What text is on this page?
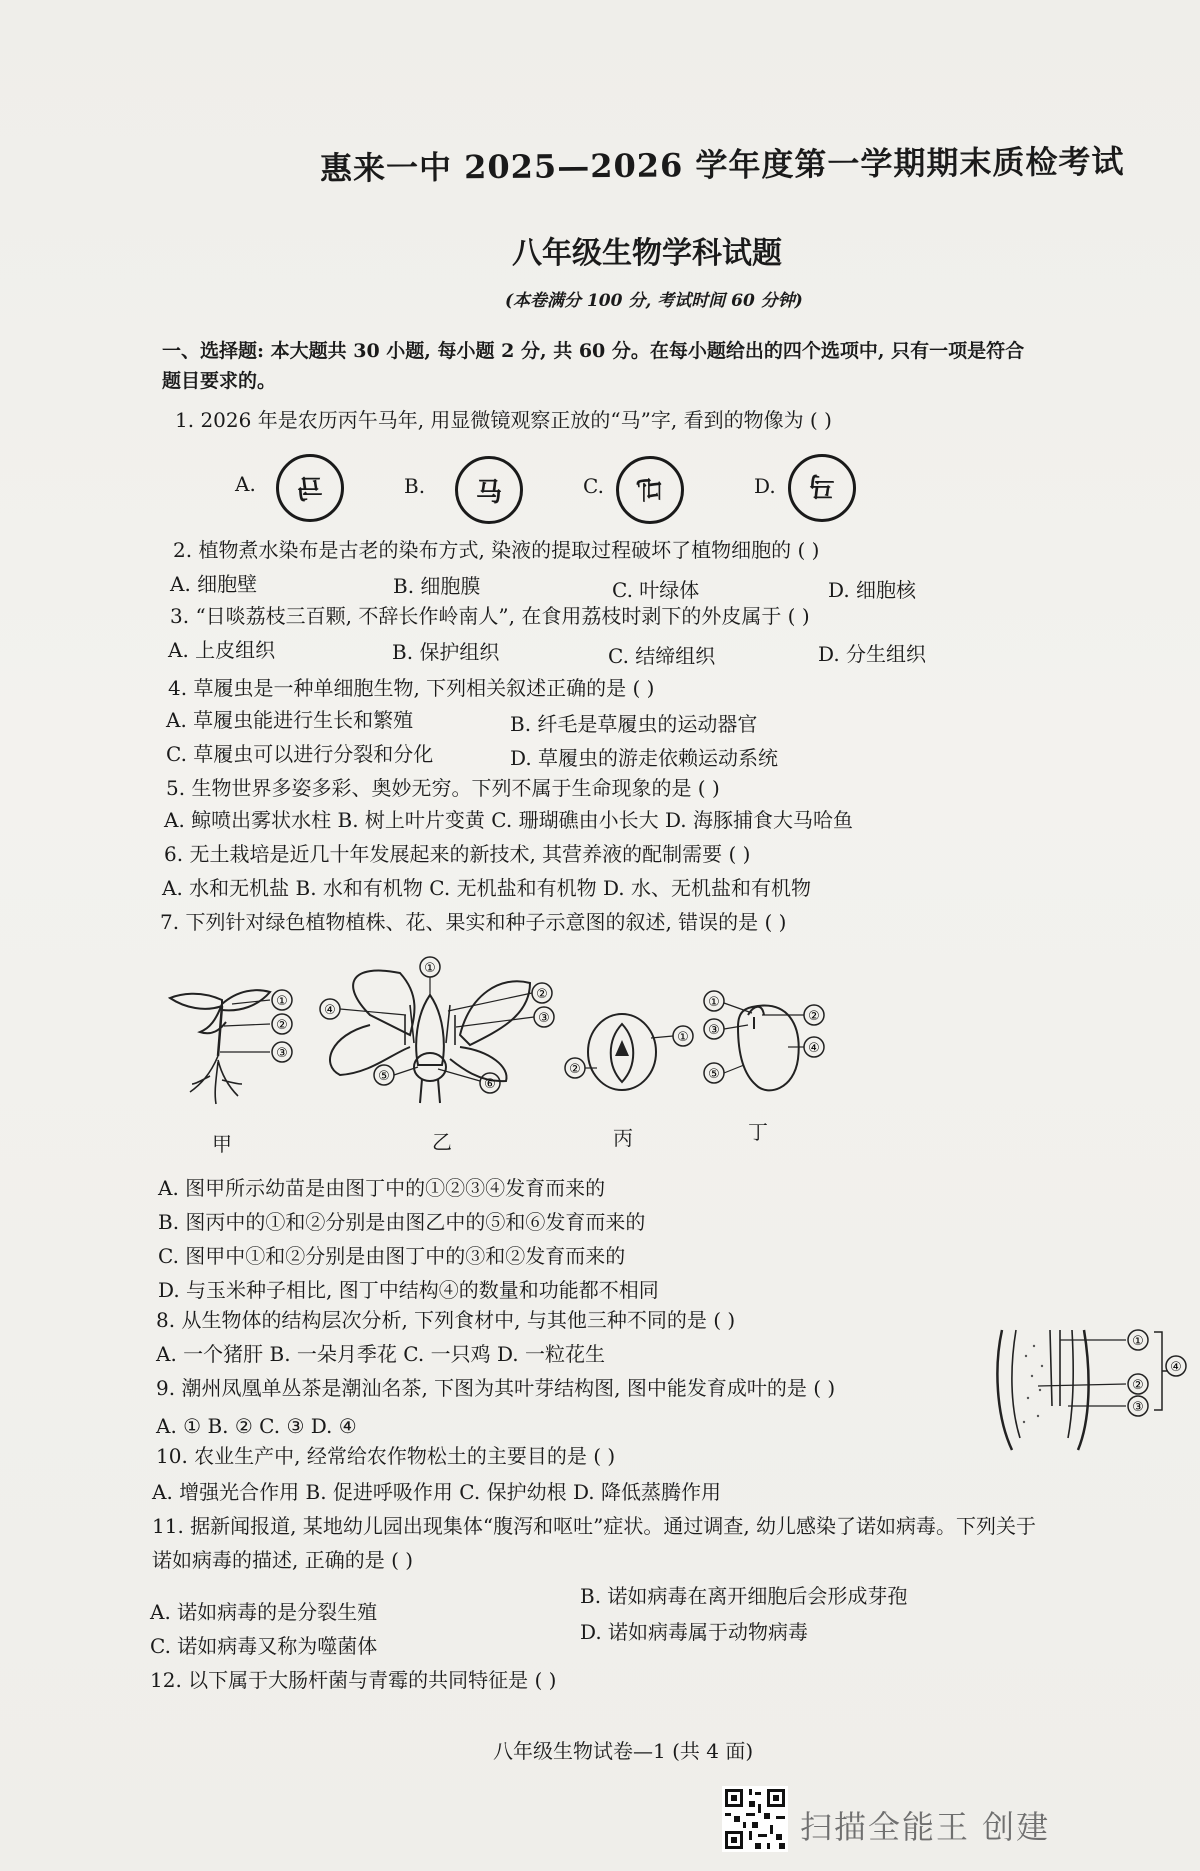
惠来一中 2025—2026 学年度第一学期期末质检考试
八年级生物学科试题
(本卷满分 100 分, 考试时间 60 分钟)
一、选择题: 本大题共 30 小题, 每小题 2 分, 共 60 分。在每小题给出的四个选项中, 只有一项是符合
题目要求的。
1. 2026 年是农历丙午马年, 用显微镜观察正放的“马”字, 看到的物像为 ( )
A. 马	B. 马	C. 马	D. 马
2. 植物煮水染布是古老的染布方式, 染液的提取过程破坏了植物细胞的 ( )
A. 细胞壁	B. 细胞膜	C. 叶绿体	D. 细胞核
3. “日啖荔枝三百颗, 不辞长作岭南人”, 在食用荔枝时剥下的外皮属于 ( )
A. 上皮组织	B. 保护组织	C. 结缔组织	D. 分生组织
4. 草履虫是一种单细胞生物, 下列相关叙述正确的是 ( )
A. 草履虫能进行生长和繁殖	B. 纤毛是草履虫的运动器官
C. 草履虫可以进行分裂和分化	D. 草履虫的游走依赖运动系统
5. 生物世界多姿多彩、奥妙无穷。下列不属于生命现象的是 ( )
A. 鲸喷出雾状水柱 B. 树上叶片变黄 C. 珊瑚礁由小长大 D. 海豚捕食大马哈鱼
6. 无土栽培是近几十年发展起来的新技术, 其营养液的配制需要 ( )
A. 水和无机盐 B. 水和有机物 C. 无机盐和有机物 D. 水、无机盐和有机物
7. 下列针对绿色植物植株、花、果实和种子示意图的叙述, 错误的是 ( )
①
②
③
甲
①
④
②
③
⑤
⑥
乙
②
①
丙
①
③
⑤
②
④
丁
A. 图甲所示幼苗是由图丁中的①②③④发育而来的
B. 图丙中的①和②分别是由图乙中的⑤和⑥发育而来的
C. 图甲中①和②分别是由图丁中的③和②发育而来的
D. 与玉米种子相比, 图丁中结构④的数量和功能都不相同
8. 从生物体的结构层次分析, 下列食材中, 与其他三种不同的是 ( )
A. 一个猪肝 B. 一朵月季花 C. 一只鸡 D. 一粒花生
9. 潮州凤凰单丛茶是潮汕名茶, 下图为其叶芽结构图, 图中能发育成叶的是 ( )
A. ① B. ② C. ③ D. ④
①
②
③
④
10. 农业生产中, 经常给农作物松土的主要目的是 ( )
A. 增强光合作用 B. 促进呼吸作用 C. 保护幼根 D. 降低蒸腾作用
11. 据新闻报道, 某地幼儿园出现集体“腹泻和呕吐”症状。通过调查, 幼儿感染了诺如病毒。下列关于
诺如病毒的描述, 正确的是 ( )
A. 诺如病毒的是分裂生殖
B. 诺如病毒在离开细胞后会形成芽孢
C. 诺如病毒又称为噬菌体
D. 诺如病毒属于动物病毒
12. 以下属于大肠杆菌与青霉的共同特征是 ( )
八年级生物试卷—1 (共 4 面)
扫描全能王 创建
